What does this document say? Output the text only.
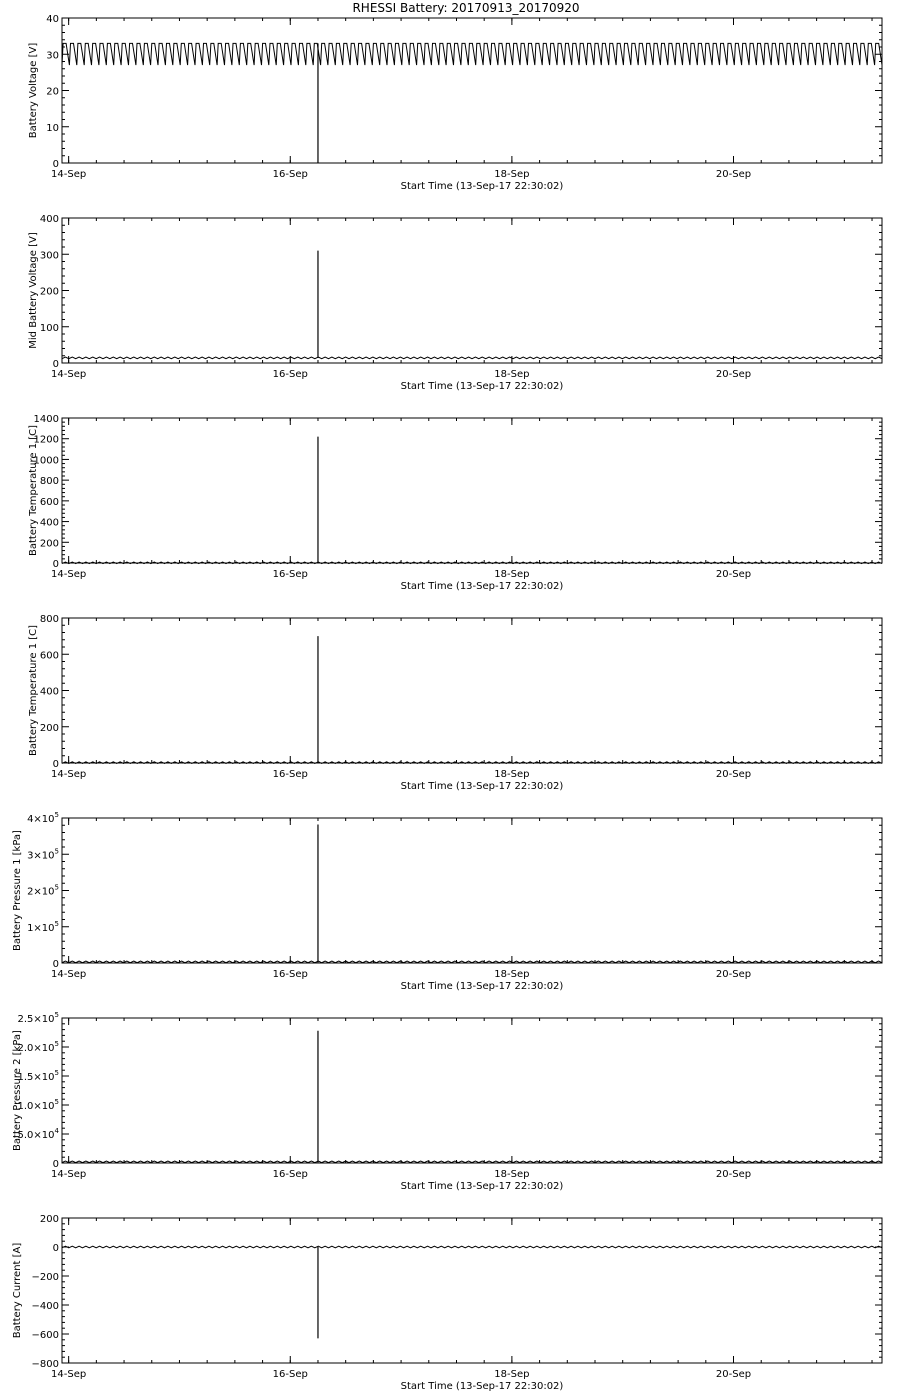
RHESSI Battery: 20170913_20170920
14-Sep	16-Sep	18-Sep	20-Sep
0
10
20
30
40
Battery Voltage [V]
Start Time (13-Sep-17 22:30:02)
14-Sep	16-Sep	18-Sep	20-Sep
0
100
200
300
400
Mid Battery Voltage [V]
Start Time (13-Sep-17 22:30:02)
14-Sep	16-Sep	18-Sep	20-Sep
0
200
400
600
800
1000
1200
1400
Battery Temperature 1 [C]
Start Time (13-Sep-17 22:30:02)
14-Sep	16-Sep	18-Sep	20-Sep
0
200
400
600
800
Battery Temperature 1 [C]
Start Time (13-Sep-17 22:30:02)
14-Sep	16-Sep	18-Sep	20-Sep
0
$1\times 10^5$
$2\times 10^5$
$3\times 10^5$
$4\times 10^5$
Battery Pressure 1 [kPa]
Start Time (13-Sep-17 22:30:02)
14-Sep	16-Sep	18-Sep	20-Sep
0
$5.0\times 10^4$
$1.0\times 10^5$
$1.5\times 10^5$
$2.0\times 10^5$
$2.5\times 10^5$
Battery Pressure 2 [kPa]
Start Time (13-Sep-17 22:30:02)
14-Sep	16-Sep	18-Sep	20-Sep
−800
−600
−400
−200
0
200
Battery Current [A]
Start Time (13-Sep-17 22:30:02)
